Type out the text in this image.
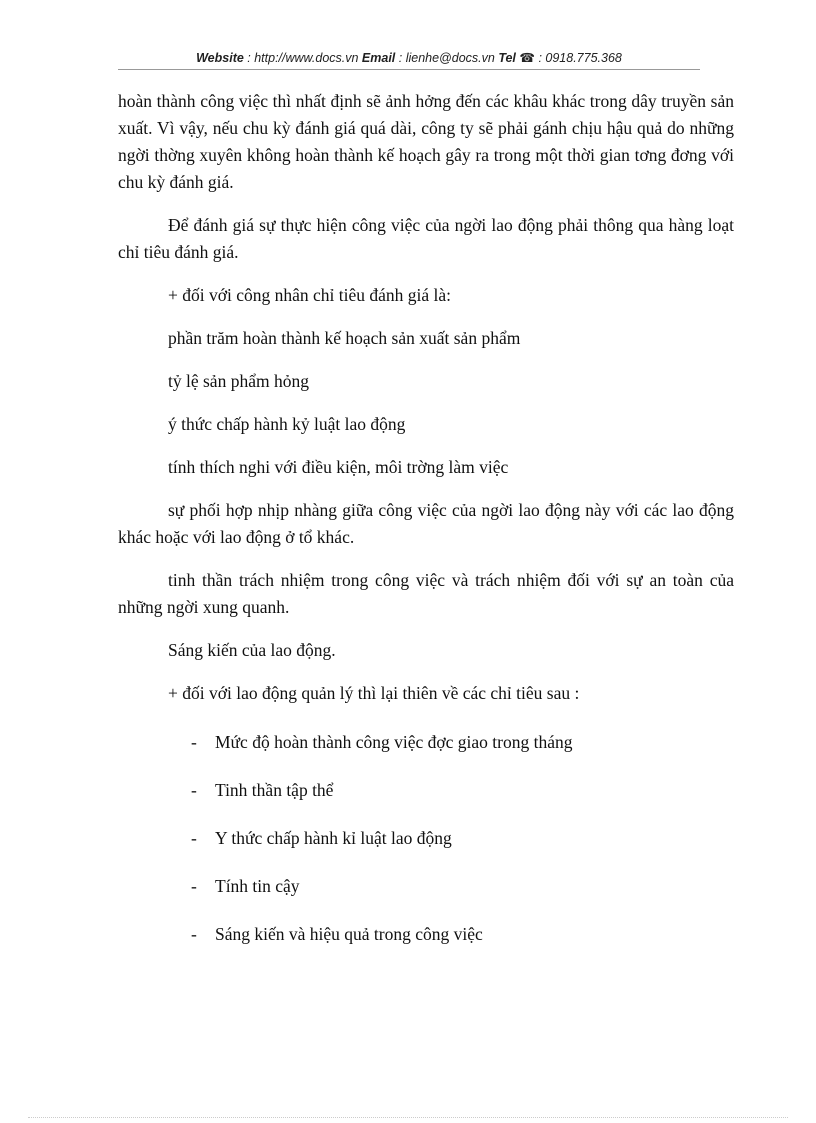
Website : http://www.docs.vn Email : lienhe@docs.vn Tel ☎ : 0918.775.368

hoàn thành công việc thì nhất định sẽ ảnh hởng đến các khâu khác trong dây truyền sản xuất. Vì vậy, nếu chu kỳ đánh giá quá dài, công ty sẽ phải gánh chịu hậu quả do những ngời thờng xuyên không hoàn thành kế hoạch gây ra trong một thời gian tơng đơng với chu kỳ đánh giá.

Để đánh giá sự thực hiện công việc của ngời lao động phải thông qua hàng loạt chỉ tiêu đánh giá.

+ đối với công nhân chỉ tiêu đánh giá là:

phần trăm hoàn thành kế hoạch sản xuất sản phẩm

tỷ lệ sản phẩm hỏng

ý thức chấp hành kỷ luật lao động

tính thích nghi với điều kiện, môi trờng làm việc

sự phối hợp nhịp nhàng giữa công việc của ngời lao động này với các lao động khác hoặc với lao động ở tổ khác.

tinh thần trách nhiệm trong công việc và trách nhiệm đối với sự an toàn của những ngời xung quanh.

Sáng kiến của lao động.

+ đối với lao động quản lý thì lại thiên về các chỉ tiêu sau :

- Mức độ hoàn thành công việc đợc giao trong tháng
- Tinh thần tập thể
- Y thức chấp hành kỉ luật lao động
- Tính tin cậy
- Sáng kiến và hiệu quả trong công việc
